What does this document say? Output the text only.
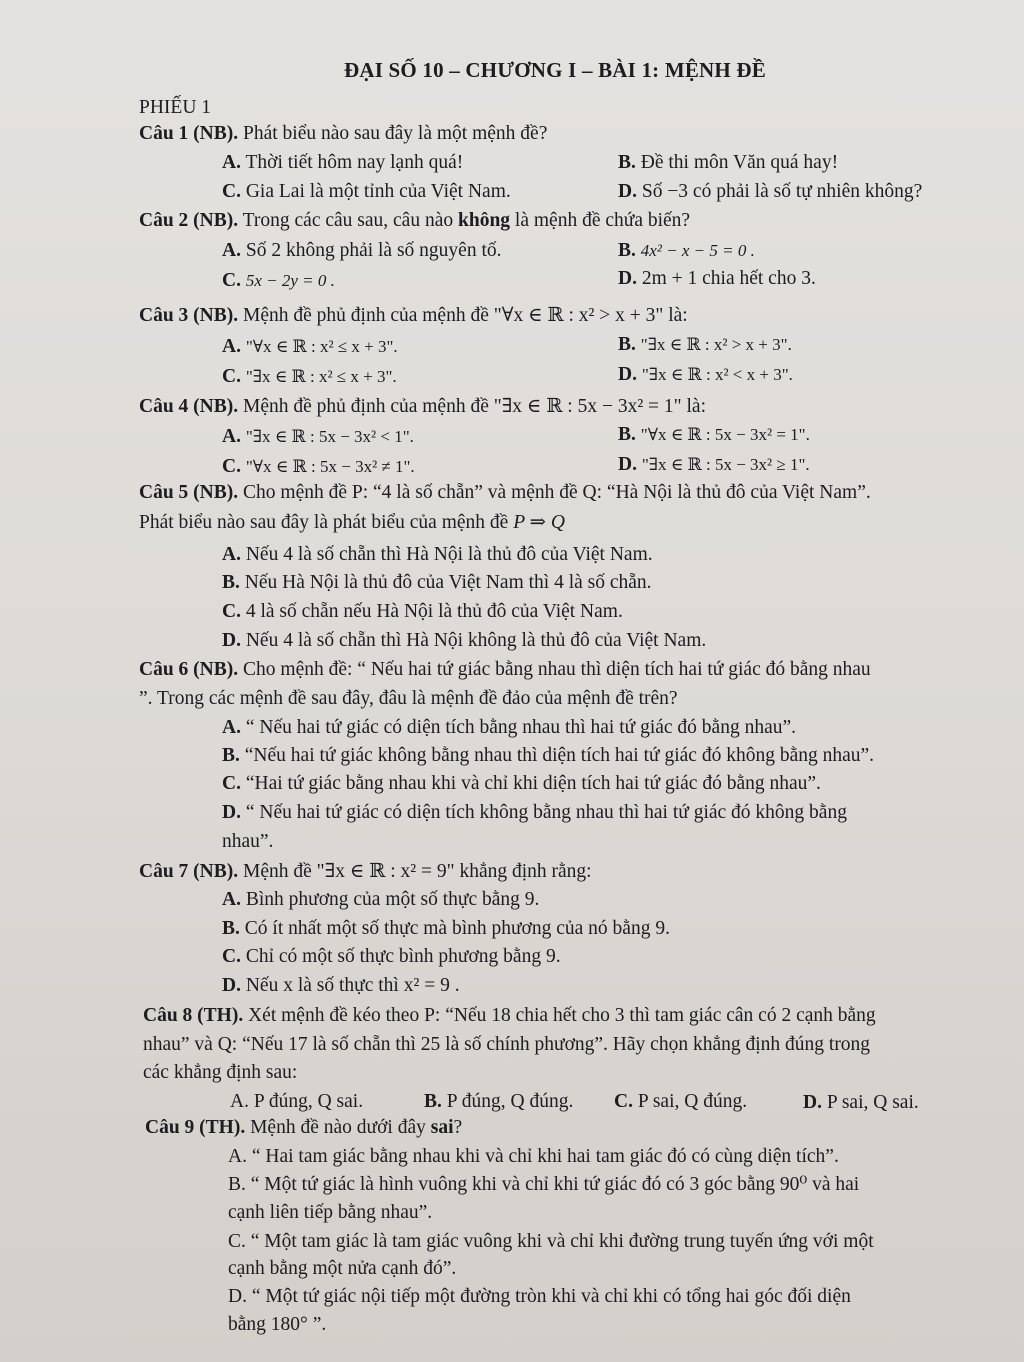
ĐẠI SỐ 10 – CHƯƠNG I – BÀI 1: MỆNH ĐỀ
PHIẾU 1
Câu 1 (NB). Phát biểu nào sau đây là một mệnh đề?
A. Thời tiết hôm nay lạnh quá!	B. Đề thi môn Văn quá hay!
C. Gia Lai là một tỉnh của Việt Nam.	D. Số −3 có phải là số tự nhiên không?
Câu 2 (NB). Trong các câu sau, câu nào không là mệnh đề chứa biến?
A. Số 2 không phải là số nguyên tố.	B. 4x² − x − 5 = 0 .
C. 5x − 2y = 0 .	D. 2m + 1 chia hết cho 3.
Câu 3 (NB). Mệnh đề phủ định của mệnh đề "∀x ∈ ℝ : x² > x + 3" là:
A. "∀x ∈ ℝ : x² ≤ x + 3".	B. "∃x ∈ ℝ : x² > x + 3".
C. "∃x ∈ ℝ : x² ≤ x + 3".	D. "∃x ∈ ℝ : x² < x + 3".
Câu 4 (NB). Mệnh đề phủ định của mệnh đề "∃x ∈ ℝ : 5x − 3x² = 1" là:
A. "∃x ∈ ℝ : 5x − 3x² < 1".	B. "∀x ∈ ℝ : 5x − 3x² = 1".
C. "∀x ∈ ℝ : 5x − 3x² ≠ 1".	D. "∃x ∈ ℝ : 5x − 3x² ≥ 1".
Câu 5 (NB). Cho mệnh đề P: “4 là số chẵn” và mệnh đề Q: “Hà Nội là thủ đô của Việt Nam”.
Phát biểu nào sau đây là phát biểu của mệnh đề P ⇒ Q
A. Nếu 4 là số chẵn thì Hà Nội là thủ đô của Việt Nam.
B. Nếu Hà Nội là thủ đô của Việt Nam thì 4 là số chẵn.
C. 4 là số chẵn nếu Hà Nội là thủ đô của Việt Nam.
D. Nếu 4 là số chẵn thì Hà Nội không là thủ đô của Việt Nam.
Câu 6 (NB). Cho mệnh đề: “ Nếu hai tứ giác bằng nhau thì diện tích hai tứ giác đó bằng nhau
”. Trong các mệnh đề sau đây, đâu là mệnh đề đảo của mệnh đề trên?
A. “ Nếu hai tứ giác có diện tích bằng nhau thì hai tứ giác đó bằng nhau”.
B. “Nếu hai tứ giác không bằng nhau thì diện tích hai tứ giác đó không bằng nhau”.
C. “Hai tứ giác bằng nhau khi và chỉ khi diện tích hai tứ giác đó bằng nhau”.
D. “ Nếu hai tứ giác có diện tích không bằng nhau thì hai tứ giác đó không bằng
nhau”.
Câu 7 (NB). Mệnh đề "∃x ∈ ℝ : x² = 9" khẳng định rằng:
A. Bình phương của một số thực bằng 9.
B. Có ít nhất một số thực mà bình phương của nó bằng 9.
C. Chỉ có một số thực bình phương bằng 9.
D. Nếu x là số thực thì x² = 9 .
Câu 8 (TH). Xét mệnh đề kéo theo P: “Nếu 18 chia hết cho 3 thì tam giác cân có 2 cạnh bằng
nhau” và Q: “Nếu 17 là số chẵn thì 25 là số chính phương”. Hãy chọn khẳng định đúng trong
các khẳng định sau:
A. P đúng, Q sai.	B. P đúng, Q đúng. C. P sai, Q đúng.	D. P sai, Q sai.
Câu 9 (TH). Mệnh đề nào dưới đây sai?
A. “ Hai tam giác bằng nhau khi và chỉ khi hai tam giác đó có cùng diện tích”.
B. “ Một tứ giác là hình vuông khi và chỉ khi tứ giác đó có 3 góc bằng 90⁰ và hai
cạnh liên tiếp bằng nhau”.
C. “ Một tam giác là tam giác vuông khi và chỉ khi đường trung tuyến ứng với một
cạnh bằng một nửa cạnh đó”.
D. “ Một tứ giác nội tiếp một đường tròn khi và chỉ khi có tổng hai góc đối diện
bằng 180° ”.
